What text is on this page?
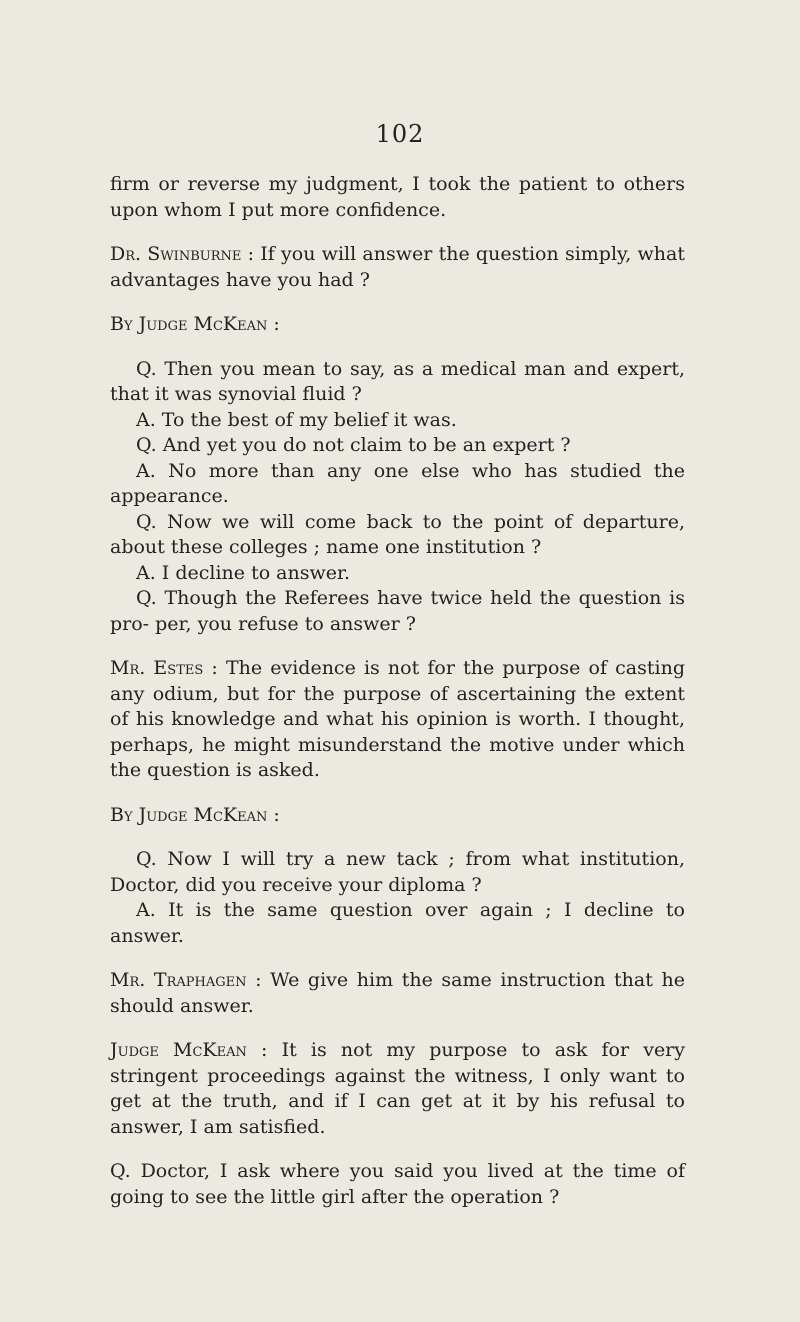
102

firm or reverse my judgment, I took the patient to others upon whom I put more confidence.

Dr. Swinburne : If you will answer the question simply, what advantages have you had ?

By Judge McKean :

Q. Then you mean to say, as a medical man and expert, that it was synovial fluid ?

A. To the best of my belief it was.

Q. And yet you do not claim to be an expert ?

A. No more than any one else who has studied the appearance.

Q. Now we will come back to the point of departure, about these colleges ; name one institution ?

A. I decline to answer.

Q. Though the Referees have twice held the question is pro- per, you refuse to answer ?

Mr. Estes : The evidence is not for the purpose of casting any odium, but for the purpose of ascertaining the extent of his knowledge and what his opinion is worth. I thought, perhaps, he might misunderstand the motive under which the question is asked.

By Judge McKean :

Q. Now I will try a new tack ; from what institution, Doctor, did you receive your diploma ?

A. It is the same question over again ; I decline to answer.

Mr. Traphagen : We give him the same instruction that he should answer.

Judge McKean : It is not my purpose to ask for very stringent proceedings against the witness, I only want to get at the truth, and if I can get at it by his refusal to answer, I am satisfied.

Q. Doctor, I ask where you said you lived at the time of going to see the little girl after the operation ?
